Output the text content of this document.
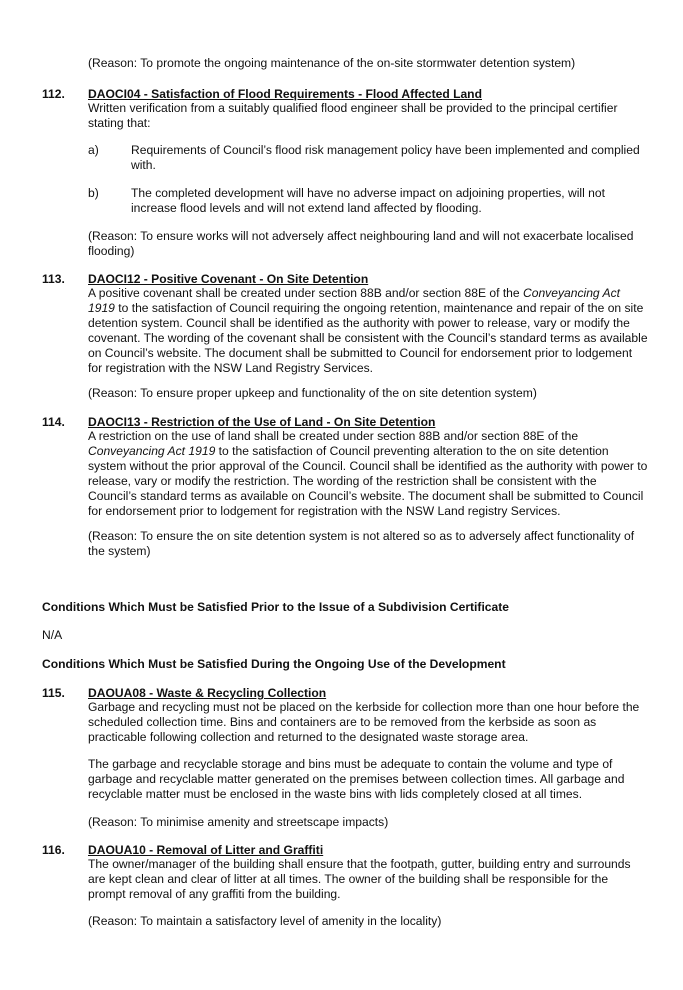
(Reason: To promote the ongoing maintenance of the on-site stormwater detention system)

112. DAOCI04 - Satisfaction of Flood Requirements - Flood Affected Land

Written verification from a suitably qualified flood engineer shall be provided to the principal certifier stating that:

a)	Requirements of Council’s flood risk management policy have been implemented and complied with.

b)	The completed development will have no adverse impact on adjoining properties, will not increase flood levels and will not extend land affected by flooding.

(Reason: To ensure works will not adversely affect neighbouring land and will not exacerbate localised flooding)

113. DAOCI12 - Positive Covenant - On Site Detention

A positive covenant shall be created under section 88B and/or section 88E of the Conveyancing Act 1919 to the satisfaction of Council requiring the ongoing retention, maintenance and repair of the on site detention system. Council shall be identified as the authority with power to release, vary or modify the covenant. The wording of the covenant shall be consistent with the Council’s standard terms as available on Council’s website. The document shall be submitted to Council for endorsement prior to lodgement for registration with the NSW Land Registry Services.

(Reason: To ensure proper upkeep and functionality of the on site detention system)

114. DAOCI13 - Restriction of the Use of Land - On Site Detention

A restriction on the use of land shall be created under section 88B and/or section 88E of the Conveyancing Act 1919 to the satisfaction of Council preventing alteration to the on site detention system without the prior approval of the Council. Council shall be identified as the authority with power to release, vary or modify the restriction. The wording of the restriction shall be consistent with the Council’s standard terms as available on Council’s website. The document shall be submitted to Council for endorsement prior to lodgement for registration with the NSW Land registry Services.

(Reason: To ensure the on site detention system is not altered so as to adversely affect functionality of the system)

Conditions Which Must be Satisfied Prior to the Issue of a Subdivision Certificate

N/A

Conditions Which Must be Satisfied During the Ongoing Use of the Development

115. DAOUA08 - Waste & Recycling Collection

Garbage and recycling must not be placed on the kerbside for collection more than one hour before the scheduled collection time. Bins and containers are to be removed from the kerbside as soon as practicable following collection and returned to the designated waste storage area.

The garbage and recyclable storage and bins must be adequate to contain the volume and type of garbage and recyclable matter generated on the premises between collection times. All garbage and recyclable matter must be enclosed in the waste bins with lids completely closed at all times.

(Reason: To minimise amenity and streetscape impacts)

116. DAOUA10 - Removal of Litter and Graffiti

The owner/manager of the building shall ensure that the footpath, gutter, building entry and surrounds are kept clean and clear of litter at all times. The owner of the building shall be responsible for the prompt removal of any graffiti from the building.

(Reason: To maintain a satisfactory level of amenity in the locality)
